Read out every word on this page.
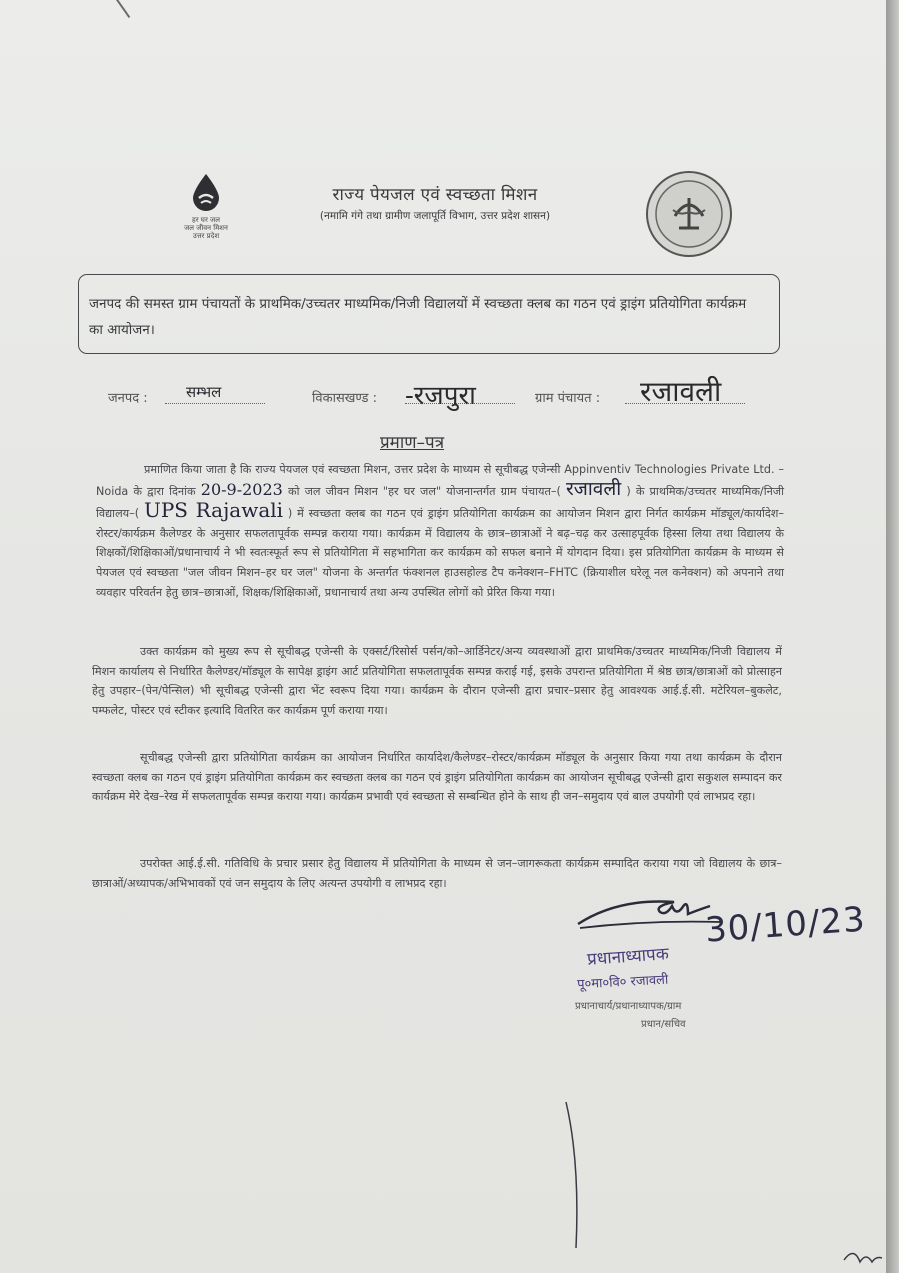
हर घर जल
जल जीवन मिशन
उत्तर प्रदेश
राज्य पेयजल एवं स्वच्छता मिशन
(नमामि गंगे तथा ग्रामीण जलापूर्ति विभाग, उत्तर प्रदेश शासन)
जनपद की समस्त ग्राम पंचायतों के प्राथमिक/उच्चतर माध्यमिक/निजी विद्यालयों में स्वच्छता क्लब का गठन एवं ड्राइंग प्रतियोगिता कार्यक्रम का आयोजन।
जनपद :	सम्भल	विकासखण्ड : -रजपुरा	ग्राम पंचायत : रजावली
प्रमाण–पत्र
प्रमाणित किया जाता है कि राज्य पेयजल एवं स्वच्छता मिशन, उत्तर प्रदेश के माध्यम से सूचीबद्ध एजेन्सी Appinventiv Technologies Private Ltd. – Noida के द्वारा दिनांक 20-9-2023 को जल जीवन मिशन "हर घर जल" योजनान्तर्गत ग्राम पंचायत–( रजावली ) के प्राथमिक/उच्चतर माध्यमिक/निजी विद्यालय–( UPS Rajawali ) में स्वच्छता क्लब का गठन एवं ड्राइंग प्रतियोगिता कार्यक्रम का आयोजन मिशन द्वारा निर्गत कार्यक्रम मॉड्यूल/कार्यादेश–रोस्टर/कार्यक्रम कैलेण्डर के अनुसार सफलतापूर्वक सम्पन्न कराया गया। कार्यक्रम में विद्यालय के छात्र–छात्राओं ने बढ़–चढ़ कर उत्साहपूर्वक हिस्सा लिया तथा विद्यालय के शिक्षकों/शिक्षिकाओं/प्रधानाचार्य ने भी स्वतःस्फूर्त रूप से प्रतियोगिता में सहभागिता कर कार्यक्रम को सफल बनाने में योगदान दिया। इस प्रतियोगिता कार्यक्रम के माध्यम से पेयजल एवं स्वच्छता "जल जीवन मिशन–हर घर जल" योजना के अन्तर्गत फंक्शनल हाउसहोल्ड टैप कनेक्शन–FHTC (क्रियाशील घरेलू नल कनेक्शन) को अपनाने तथा व्यवहार परिवर्तन हेतु छात्र–छात्राओं, शिक्षक/शिक्षिकाओं, प्रधानाचार्य तथा अन्य उपस्थित लोगों को प्रेरित किया गया।
उक्त कार्यक्रम को मुख्य रूप से सूचीबद्ध एजेन्सी के एक्सर्ट/रिसोर्स पर्सन/को–आर्डिनेटर/अन्य व्यवस्थाओं द्वारा प्राथमिक/उच्चतर माध्यमिक/निजी विद्यालय में मिशन कार्यालय से निर्धारित कैलेण्डर/मॉड्यूल के सापेक्ष ड्राइंग आर्ट प्रतियोगिता सफलतापूर्वक सम्पन्न कराई गई, इसके उपरान्त प्रतियोगिता में श्रेष्ठ छात्र/छात्राओं को प्रोत्साहन हेतु उपहार–(पेन/पेन्सिल) भी सूचीबद्ध एजेन्सी द्वारा भेंट स्वरूप दिया गया। कार्यक्रम के दौरान एजेन्सी द्वारा प्रचार–प्रसार हेतु आवश्यक आई.ई.सी. मटेरियल–बुकलेट, पम्फलेट, पोस्टर एवं स्टीकर इत्यादि वितरित कर कार्यक्रम पूर्ण कराया गया।
सूचीबद्ध एजेन्सी द्वारा प्रतियोगिता कार्यक्रम का आयोजन निर्धारित कार्यादेश/कैलेण्डर–रोस्टर/कार्यक्रम मॉड्यूल के अनुसार किया गया तथा कार्यक्रम के दौरान स्वच्छता क्लब का गठन एवं ड्राइंग प्रतियोगिता कार्यक्रम कर स्वच्छता क्लब का गठन एवं ड्राइंग प्रतियोगिता कार्यक्रम का आयोजन सूचीबद्ध एजेन्सी द्वारा सकुशल सम्पादन कर कार्यक्रम मेरे देख–रेख में सफलतापूर्वक सम्पन्न कराया गया। कार्यक्रम प्रभावी एवं स्वच्छता से सम्बन्धित होने के साथ ही जन–समुदाय एवं बाल उपयोगी एवं लाभप्रद रहा।
उपरोक्त आई.ई.सी. गतिविधि के प्रचार प्रसार हेतु विद्यालय में प्रतियोगिता के माध्यम से जन–जागरूकता कार्यक्रम सम्पादित कराया गया जो विद्यालय के छात्र–छात्राओं/अध्यापक/अभिभावकों एवं जन समुदाय के लिए अत्यन्त उपयोगी व लाभप्रद रहा।
30/10/23
प्रधानाध्यापक
पू०मा०वि० रजावली
प्रधानाचार्य/प्रधानाध्यापक/ग्राम
प्रधान/सचिव
